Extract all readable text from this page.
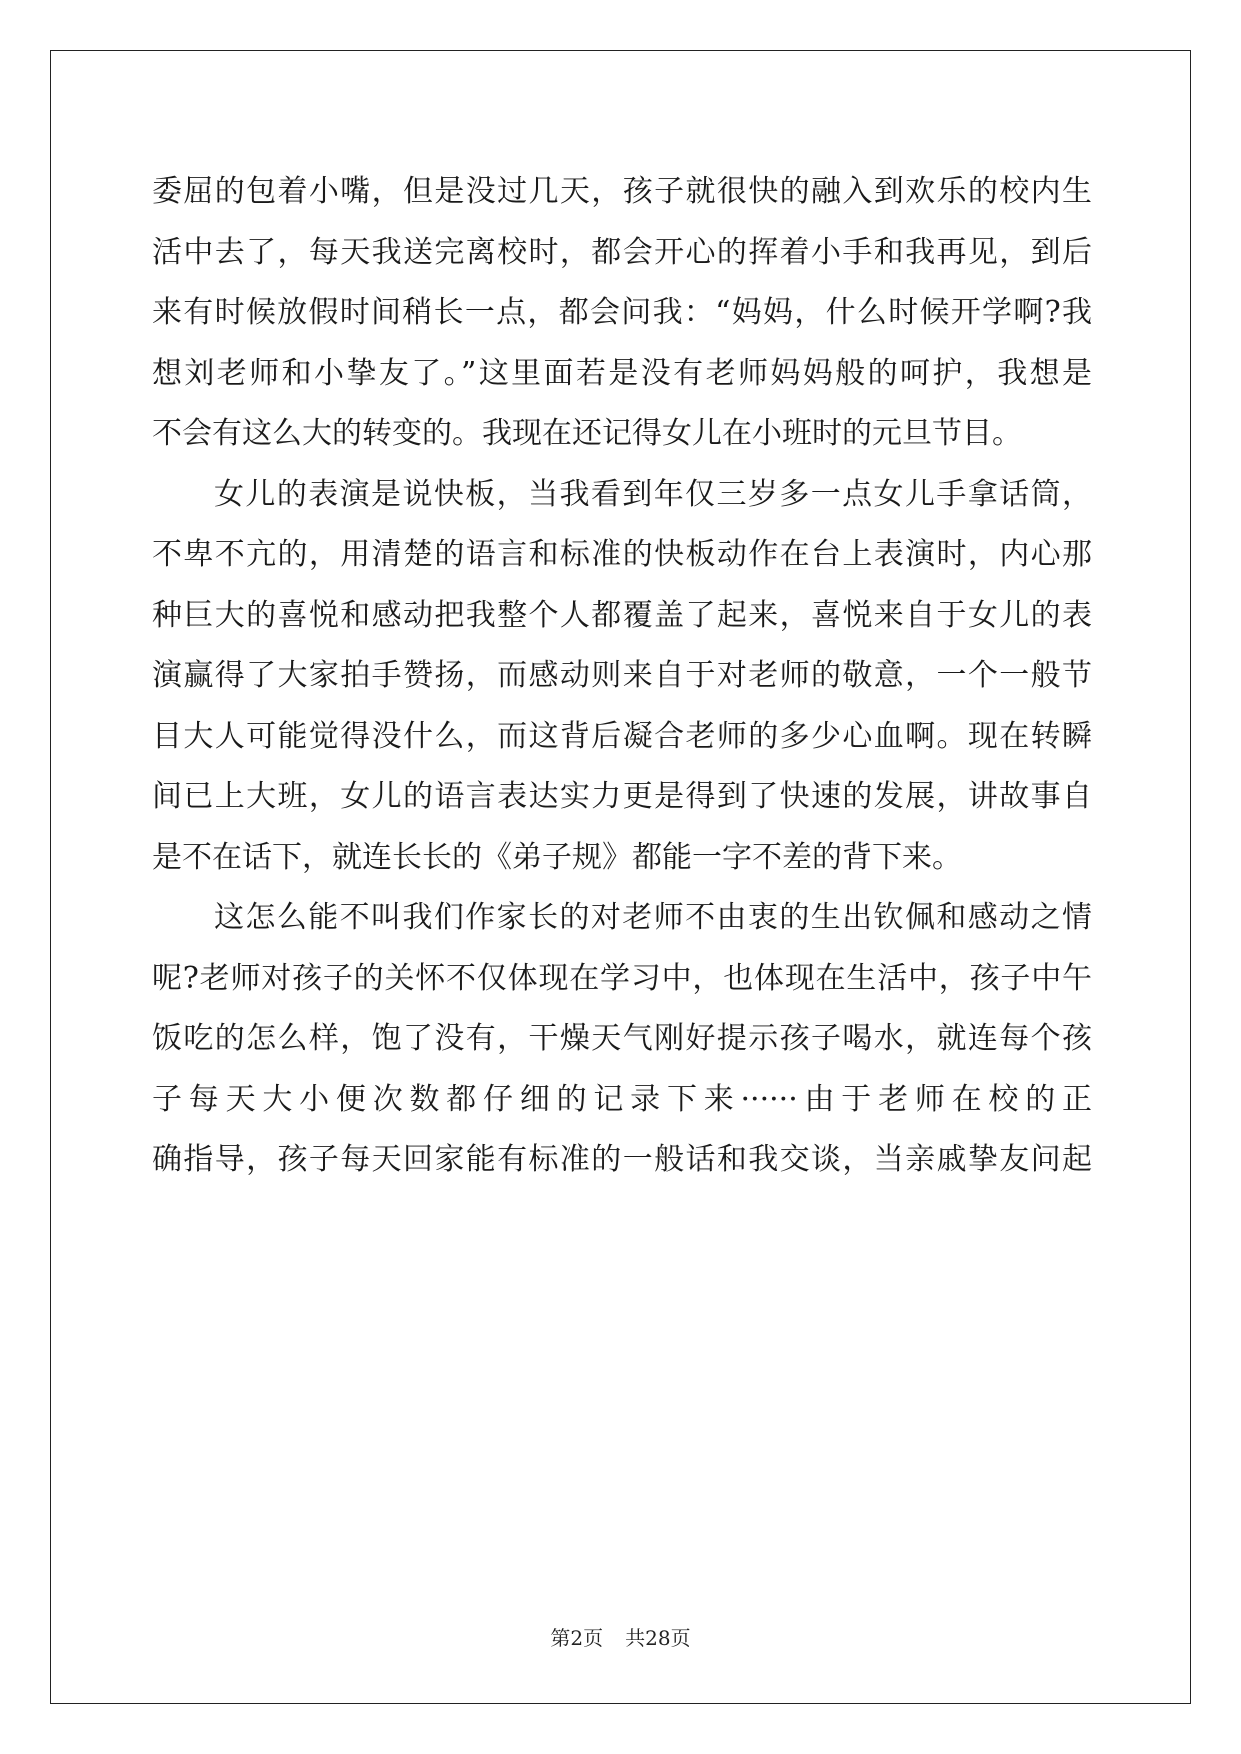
委屈的包着小嘴，但是没过几天，孩子就很快的融入到欢乐的校内生
活中去了，每天我送完离校时，都会开心的挥着小手和我再见，到后
来有时候放假时间稍长一点，都会问我：“妈妈，什么时候开学啊?我
想刘老师和小挚友了。”这里面若是没有老师妈妈般的呵护，我想是
不会有这么大的转变的。我现在还记得女儿在小班时的元旦节目。
女儿的表演是说快板，当我看到年仅三岁多一点女儿手拿话筒，
不卑不亢的，用清楚的语言和标准的快板动作在台上表演时，内心那
种巨大的喜悦和感动把我整个人都覆盖了起来，喜悦来自于女儿的表
演赢得了大家拍手赞扬，而感动则来自于对老师的敬意，一个一般节
目大人可能觉得没什么，而这背后凝合老师的多少心血啊。现在转瞬
间已上大班，女儿的语言表达实力更是得到了快速的发展，讲故事自
是不在话下，就连长长的《弟子规》都能一字不差的背下来。
这怎么能不叫我们作家长的对老师不由衷的生出钦佩和感动之情
呢?老师对孩子的关怀不仅体现在学习中，也体现在生活中，孩子中午
饭吃的怎么样，饱了没有，干燥天气刚好提示孩子喝水，就连每个孩
子每天大小便次数都仔细的记录下来······由于老师在校的正
确指导，孩子每天回家能有标准的一般话和我交谈，当亲戚挚友问起
第2页 共28页
